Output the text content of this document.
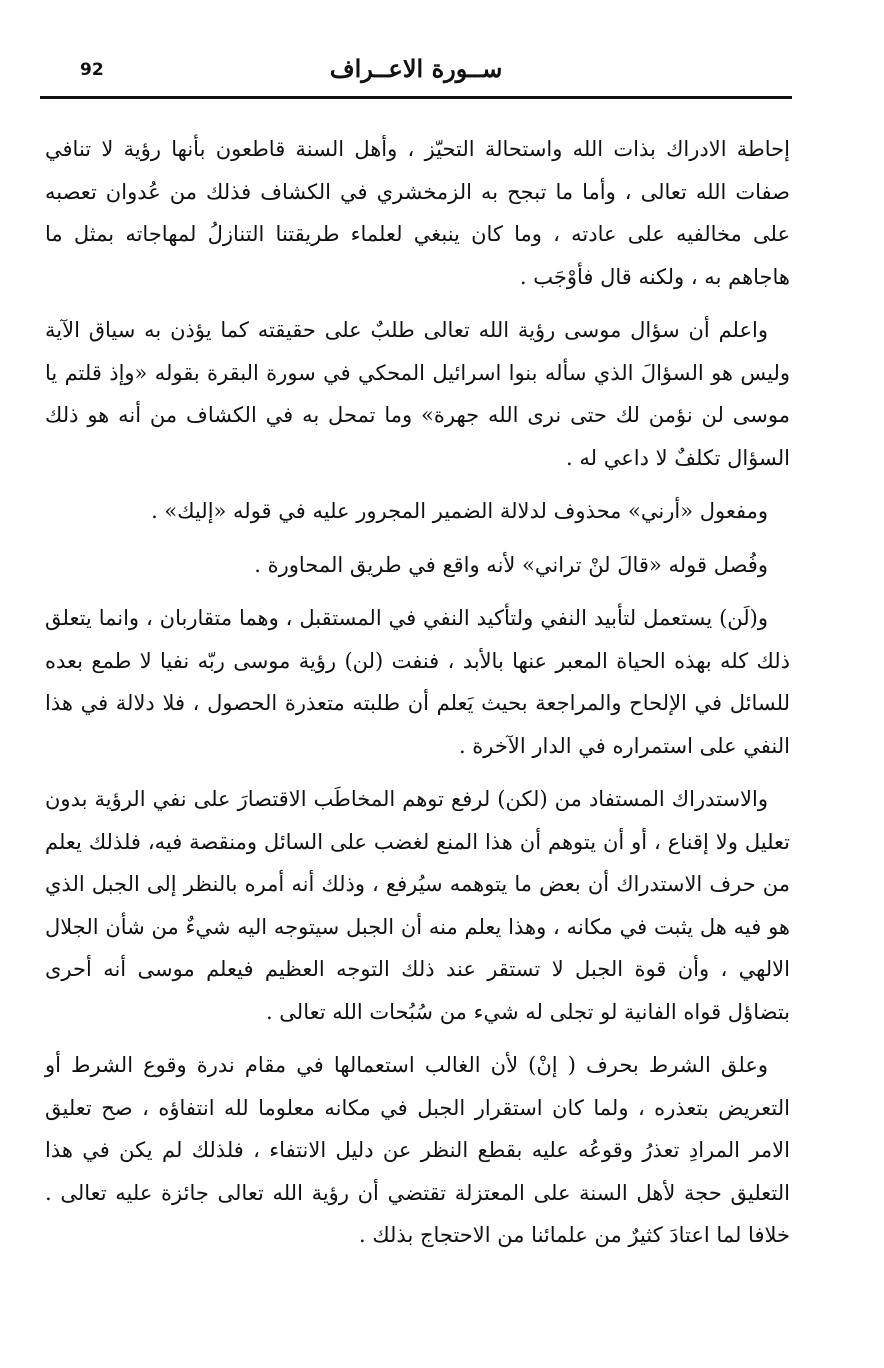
92	ســورة الاعــراف

إحاطة الادراك بذات الله واستحالة التحيّز ، وأهل السنة قاطعون بأنها رؤية لا تنافي صفات الله تعالى ، وأما ما تبجح به الزمخشري في الكشاف فذلك من عُدوان تعصبه على مخالفيه على عادته ، وما كان ينبغي لعلماء طريقتنا التنازلُ لمهاجاته بمثل ما هاجاهم به ، ولكنه قال فأوْجَب .

واعلم أن سؤال موسى رؤية الله تعالى طلبٌ على حقيقته كما يؤذن به سياق الآية وليس هو السؤالَ الذي سأله بنوا اسرائيل المحكي في سورة البقرة بقوله «وإذ قلتم يا موسى لن نؤمن لك حتى نرى الله جهرة» وما تمحل به في الكشاف من أنه هو ذلك السؤال تكلفٌ لا داعي له .

ومفعول «أرني» محذوف لدلالة الضمير المجرور عليه في قوله «إليك» .

وفُصل قوله «قالَ لنْ تراني» لأنه واقع في طريق المحاورة .

و(لَن) يستعمل لتأبيد النفي ولتأكيد النفي في المستقبل ، وهما متقاربان ، وانما يتعلق ذلك كله بهذه الحياة المعبر عنها بالأبد ، فنفت (لن) رؤية موسى ربّه نفيا لا طمع بعده للسائل في الإلحاح والمراجعة بحيث يَعلم أن طلبته متعذرة الحصول ، فلا دلالة في هذا النفي على استمراره في الدار الآخرة .

والاستدراك المستفاد من (لكن) لرفع توهم المخاطَب الاقتصارَ على نفي الرؤية بدون تعليل ولا إقناع ، أو أن يتوهم أن هذا المنع لغضب على السائل ومنقصة فيه، فلذلك يعلم من حرف الاستدراك أن بعض ما يتوهمه سيُرفع ، وذلك أنه أمره بالنظر إلى الجبل الذي هو فيه هل يثبت في مكانه ، وهذا يعلم منه أن الجبل سيتوجه اليه شيءٌ من شأن الجلال الالهي ، وأن قوة الجبل لا تستقر عند ذلك التوجه العظيم فيعلم موسى أنه أحرى بتضاؤل قواه الفانية لو تجلى له شيء من سُبُحات الله تعالى .

وعلق الشرط بحرف ( إنْ) لأن الغالب استعمالها في مقام ندرة وقوع الشرط أو التعريض بتعذره ، ولما كان استقرار الجبل في مكانه معلوما لله انتفاؤه ، صح تعليق الامر المرادِ تعذرُ وقوعُه عليه بقطع النظر عن دليل الانتفاء ، فلذلك لم يكن في هذا التعليق حجة لأهل السنة على المعتزلة تقتضي أن رؤية الله تعالى جائزة عليه تعالى . خلافا لما اعتادَ كثيرٌ من علمائنا من الاحتجاج بذلك .
